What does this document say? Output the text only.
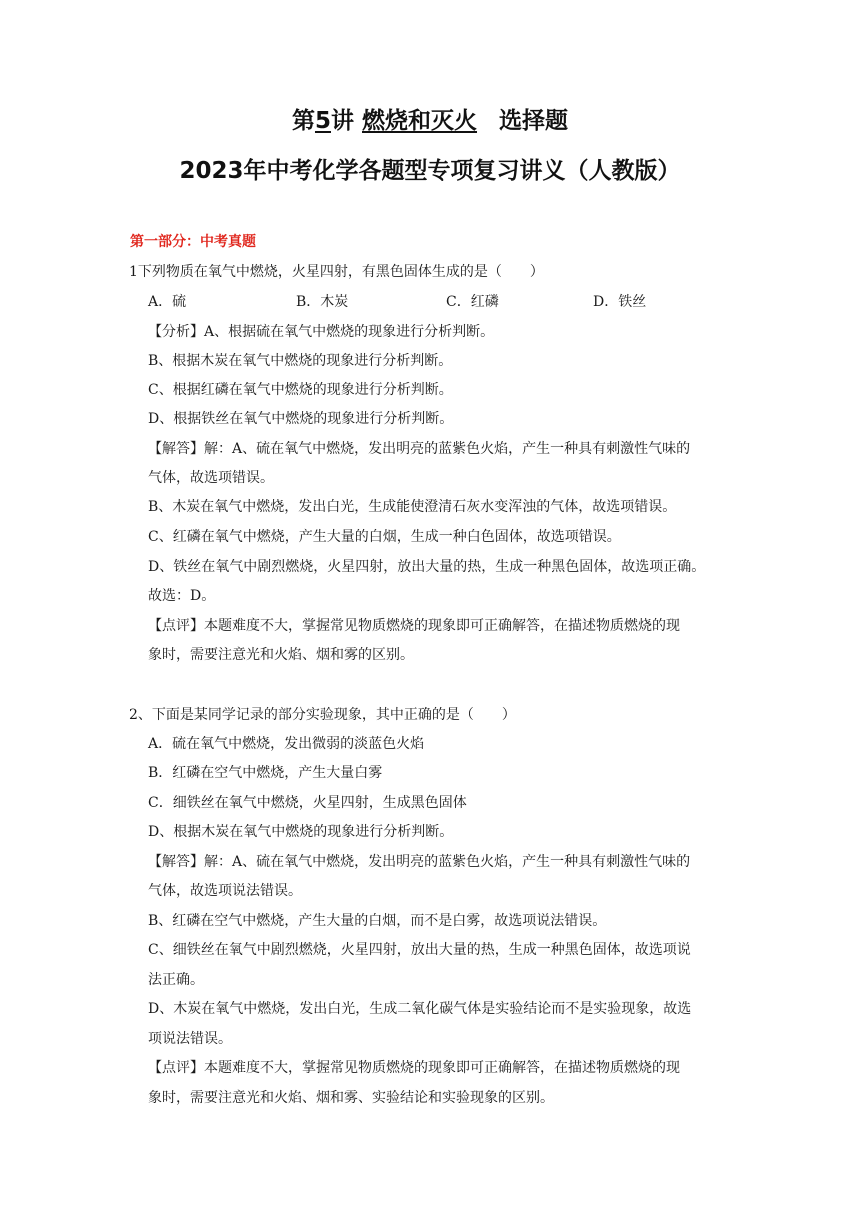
第5讲 燃烧和灭火 选择题
2023年中考化学各题型专项复习讲义（人教版）
第一部分：中考真题
1下列物质在氧气中燃烧，火星四射，有黑色固体生成的是（　　）
A．硫	B．木炭	C．红磷	D．铁丝
【分析】A、根据硫在氧气中燃烧的现象进行分析判断。
B、根据木炭在氧气中燃烧的现象进行分析判断。
C、根据红磷在氧气中燃烧的现象进行分析判断。
D、根据铁丝在氧气中燃烧的现象进行分析判断。
【解答】解：A、硫在氧气中燃烧，发出明亮的蓝紫色火焰，产生一种具有刺激性气味的
气体，故选项错误。
B、木炭在氧气中燃烧，发出白光，生成能使澄清石灰水变浑浊的气体，故选项错误。
C、红磷在氧气中燃烧，产生大量的白烟，生成一种白色固体，故选项错误。
D、铁丝在氧气中剧烈燃烧，火星四射，放出大量的热，生成一种黑色固体，故选项正确。
故选：D。
【点评】本题难度不大，掌握常见物质燃烧的现象即可正确解答，在描述物质燃烧的现
象时，需要注意光和火焰、烟和雾的区别。
2、下面是某同学记录的部分实验现象，其中正确的是（　　）
A．硫在氧气中燃烧，发出微弱的淡蓝色火焰
B．红磷在空气中燃烧，产生大量白雾
C．细铁丝在氧气中燃烧，火星四射，生成黑色固体
D、根据木炭在氧气中燃烧的现象进行分析判断。
【解答】解：A、硫在氧气中燃烧，发出明亮的蓝紫色火焰，产生一种具有刺激性气味的
气体，故选项说法错误。
B、红磷在空气中燃烧，产生大量的白烟，而不是白雾，故选项说法错误。
C、细铁丝在氧气中剧烈燃烧，火星四射，放出大量的热，生成一种黑色固体，故选项说
法正确。
D、木炭在氧气中燃烧，发出白光，生成二氧化碳气体是实验结论而不是实验现象，故选
项说法错误。
【点评】本题难度不大，掌握常见物质燃烧的现象即可正确解答，在描述物质燃烧的现
象时，需要注意光和火焰、烟和雾、实验结论和实验现象的区别。
